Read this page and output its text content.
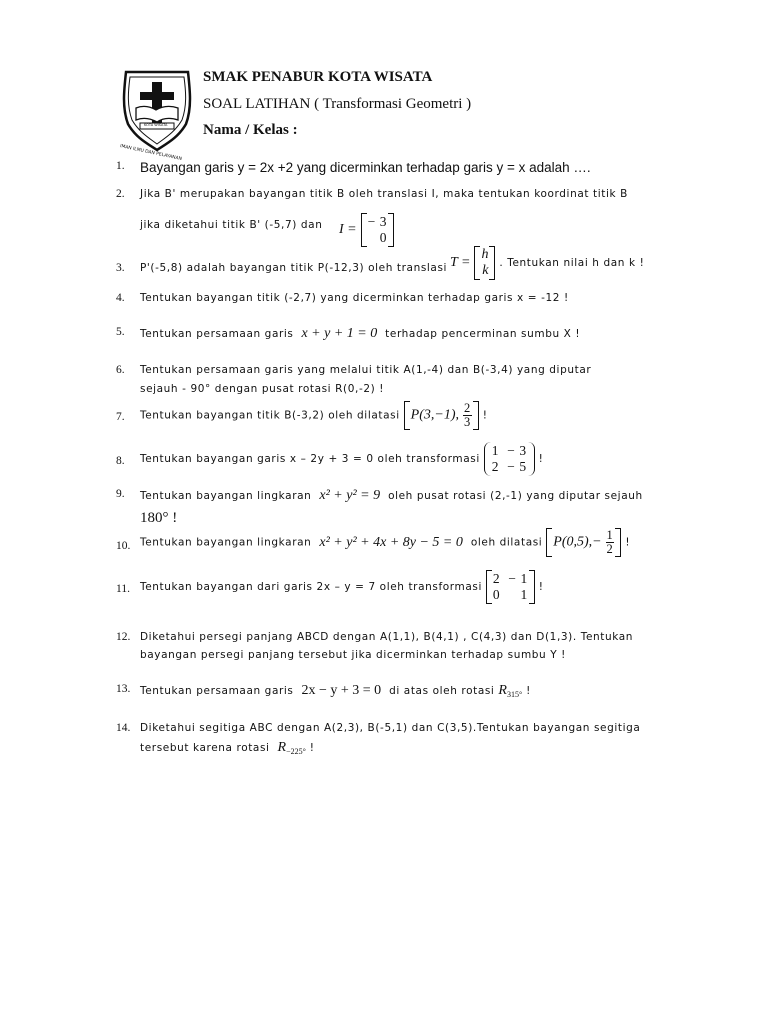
KOTA WISATA
IMAN ILMU DAN PELAYANAN
SMAK PENABUR KOTA WISATA
SOAL LATIHAN ( Transformasi Geometri )
Nama / Kelas :
1. Bayangan garis y = 2x +2 yang dicerminkan terhadap garis y = x adalah ….
2. Jika B' merupakan bayangan titik B oleh translasi I, maka tentukan koordinat titik B
jika diketahui titik B' (-5,7) dan I =
− 3
0
3. P'(-5,8) adalah bayangan titik P(-12,3) oleh translasi T =
h
k . Tentukan nilai h dan k !
4. Tentukan bayangan titik (-2,7) yang dicerminkan terhadap garis x = -12 !
5. Tentukan persamaan garis x + y + 1 = 0 terhadap pencerminan sumbu X !
6. Tentukan persamaan garis yang melalui titik A(1,-4) dan B(-3,4) yang diputar
sejauh - 90° dengan pusat rotasi R(0,-2) !
7. Tentukan bayangan titik B(-3,2) oleh dilatasi P(3,−1), $\frac{2}{3}$ !
8. Tentukan bayangan garis x – 2y + 3 = 0 oleh transformasi
1	− 3
2	− 5 !
9. Tentukan bayangan lingkaran x² + y² = 9 oleh pusat rotasi (2,-1) yang diputar sejauh
180° !
10. Tentukan bayangan lingkaran x² + y² + 4x + 8y − 5 = 0 oleh dilatasi $P(0,5),- \frac{1}{2}$ !
11. Tentukan bayangan dari garis 2x – y = 7 oleh transformasi
2	− 1
0	1 !
12. Diketahui persegi panjang ABCD dengan A(1,1), B(4,1) , C(4,3) dan D(1,3). Tentukan
bayangan persegi panjang tersebut jika dicerminkan terhadap sumbu Y !
13. Tentukan persamaan garis 2x − y + 3 = 0 di atas oleh rotasi $R_{315^\circ}$ !
14. Diketahui segitiga ABC dengan A(2,3), B(-5,1) dan C(3,5).Tentukan bayangan segitiga
tersebut karena rotasi $R_{-225^\circ}$ !
